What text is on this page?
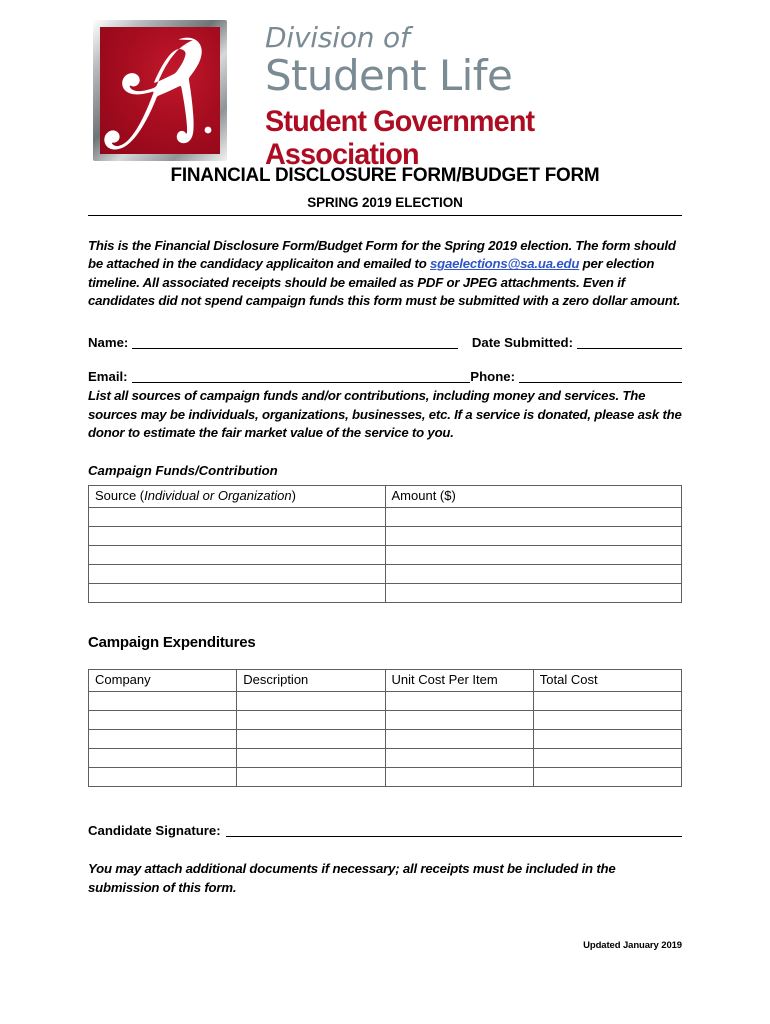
Division of
Student Life
Student Government Association
FINANCIAL DISCLOSURE FORM/BUDGET FORM
SPRING 2019 ELECTION

This is the Financial Disclosure Form/Budget Form for the Spring 2019 election. The form should be attached in the candidacy applicaiton and emailed to sgaelections@sa.ua.edu per election timeline. All associated receipts should be emailed as PDF or JPEG attachments. Even if candidates did not spend campaign funds this form must be submitted with a zero dollar amount.

Name:	Date Submitted:
Email:	Phone:

List all sources of campaign funds and/or contributions, including money and services. The sources may be individuals, organizations, businesses, etc. If a service is donated, please ask the donor to estimate the fair market value of the service to you.

Campaign Funds/Contribution
Source (Individual or Organization)	Amount ($)

Campaign Expenditures
Company	Description	Unit Cost Per Item	Total Cost

Candidate Signature:

You may attach additional documents if necessary; all receipts must be included in the submission of this form.

Updated January 2019
